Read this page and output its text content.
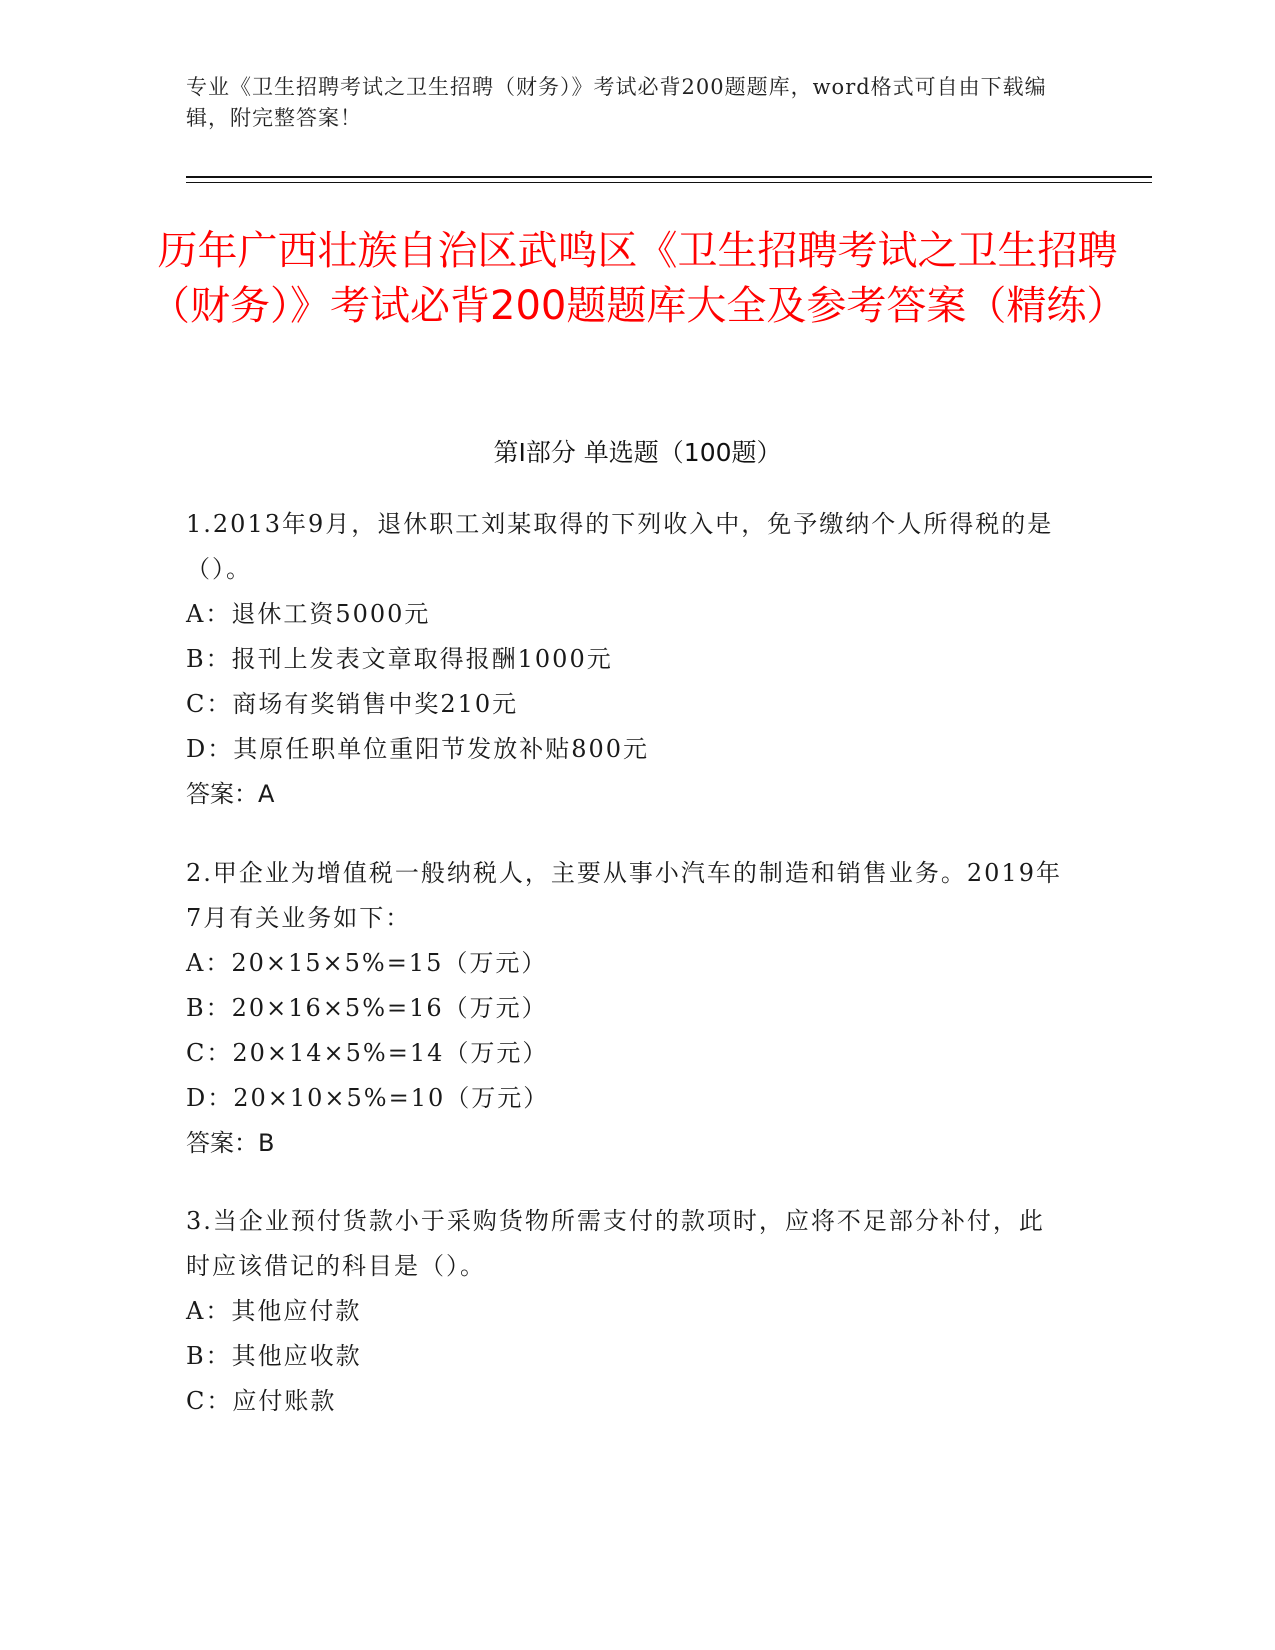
专业《卫生招聘考试之卫生招聘（财务）》考试必背200题题库，word格式可自由下载编辑，附完整答案！
历年广西壮族自治区武鸣区《卫生招聘考试之卫生招聘（财务）》考试必背200题题库大全及参考答案（精练）
第Ⅰ部分 单选题（100题）

1.2013年9月，退休职工刘某取得的下列收入中，免予缴纳个人所得税的是（）。

A：退休工资5000元

B：报刊上发表文章取得报酬1000元

C：商场有奖销售中奖210元

D：其原任职单位重阳节发放补贴800元

答案：A

2.甲企业为增值税一般纳税人，主要从事小汽车的制造和销售业务。2019年7月有关业务如下：

A：20×15×5%=15（万元）

B：20×16×5%=16（万元）

C：20×14×5%=14（万元）

D：20×10×5%=10（万元）

答案：B

3.当企业预付货款小于采购货物所需支付的款项时，应将不足部分补付，此时应该借记的科目是（）。

A：其他应付款

B：其他应收款

C：应付账款
